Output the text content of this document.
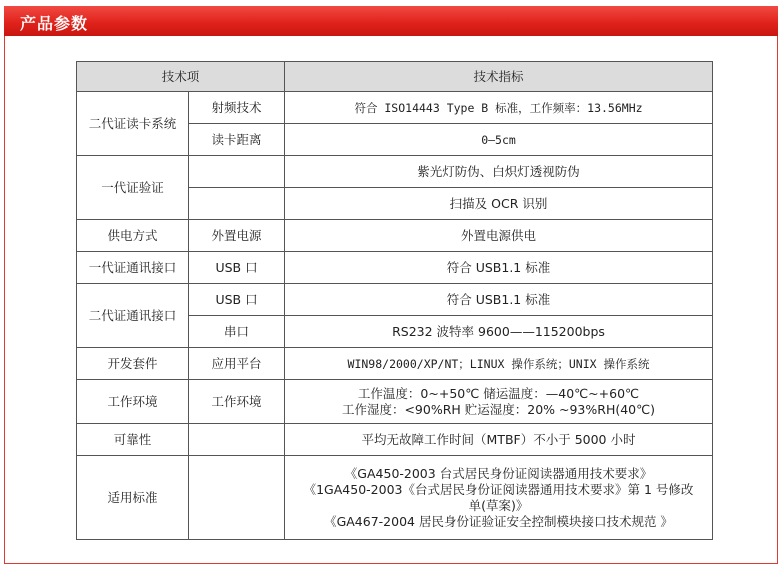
产品参数
技术项		技术指标
二代证读卡系统	射频技术	符合 ISO14443 Type B 标准，工作频率：13.56MHz
	读卡距离	0—5cm
一代证验证		紫光灯防伪、白炽灯透视防伪
		扫描及 OCR 识别
供电方式	外置电源	外置电源供电
一代证通讯接口	USB 口	符合 USB1.1 标准
二代证通讯接口	USB 口	符合 USB1.1 标准
	串口	RS232 波特率 9600——115200bps
开发套件	应用平台	WIN98/2000/XP/NT；LINUX 操作系统；UNIX 操作系统
工作环境	工作环境	工作温度：0~+50℃ 储运温度：—40℃~+60℃
工作湿度：<90%RH 贮运湿度：20% ~93%RH(40℃)

可靠性		平均无故障工作时间（MTBF）不小于 5000 小时
适用标准		《GA450-2003 台式居民身份证阅读器通用技术要求》
《1GA450-2003《台式居民身份证阅读器通用技术要求》第 1 号修改
单(草案)》
《GA467-2004 居民身份证验证安全控制模块接口技术规范 》
